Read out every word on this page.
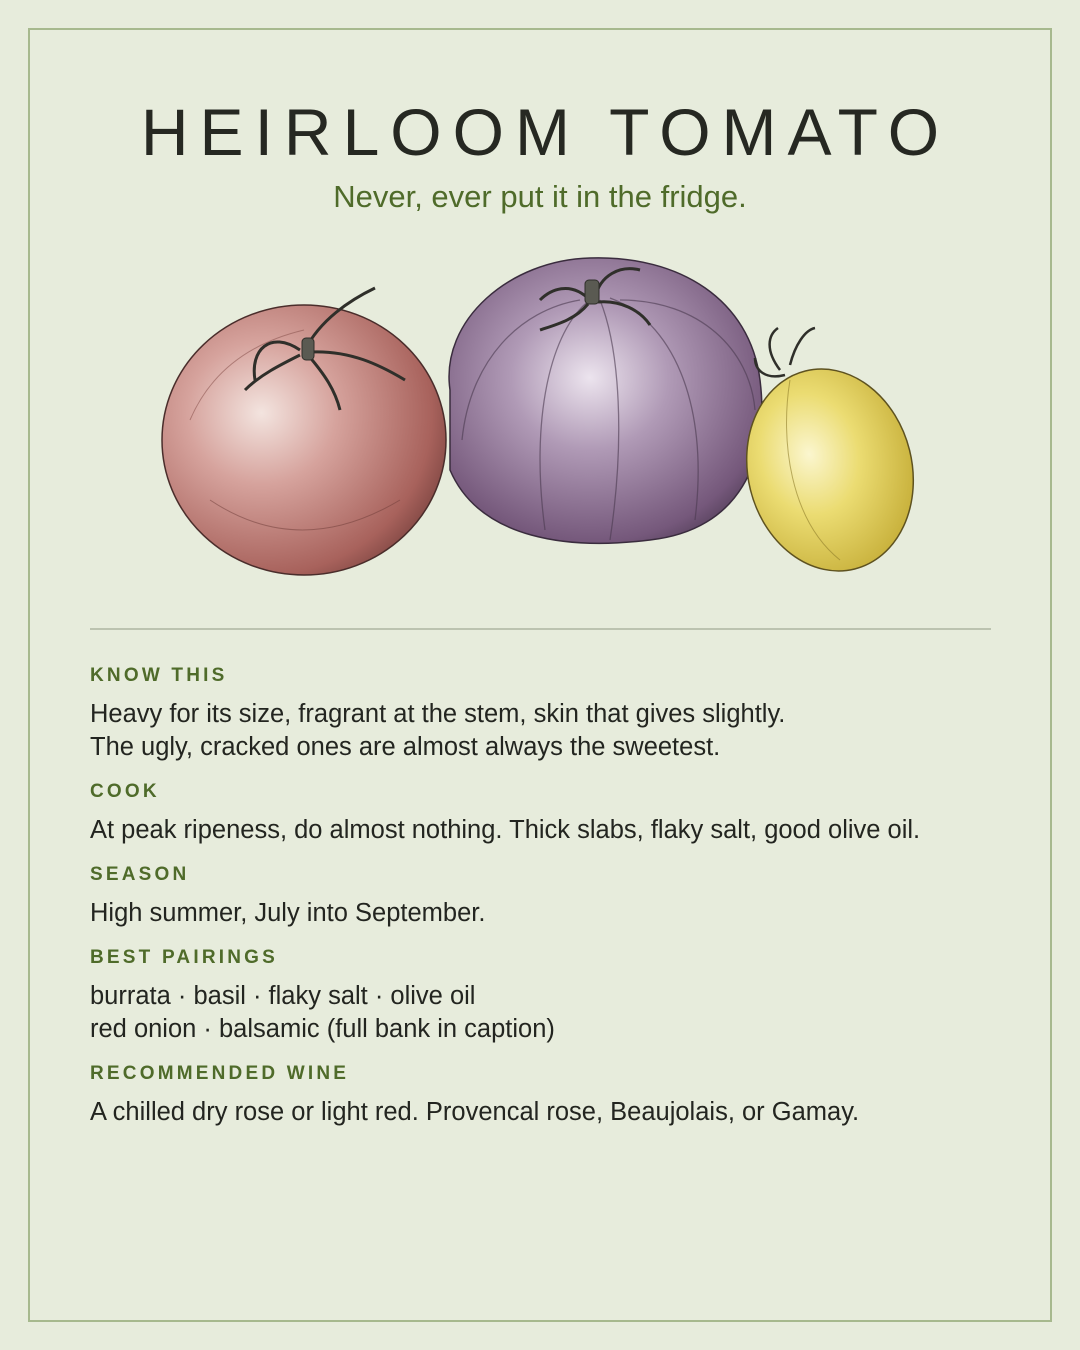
HEIRLOOM TOMATO
Never, ever put it in the fridge.
KNOW THIS
Heavy for its size, fragrant at the stem, skin that gives slightly.
The ugly, cracked ones are almost always the sweetest.
COOK
At peak ripeness, do almost nothing. Thick slabs, flaky salt, good olive oil.
SEASON
High summer, July into September.
BEST PAIRINGS
burrata · basil · flaky salt · olive oil
red onion · balsamic (full bank in caption)
RECOMMENDED WINE
A chilled dry rose or light red. Provencal rose, Beaujolais, or Gamay.
